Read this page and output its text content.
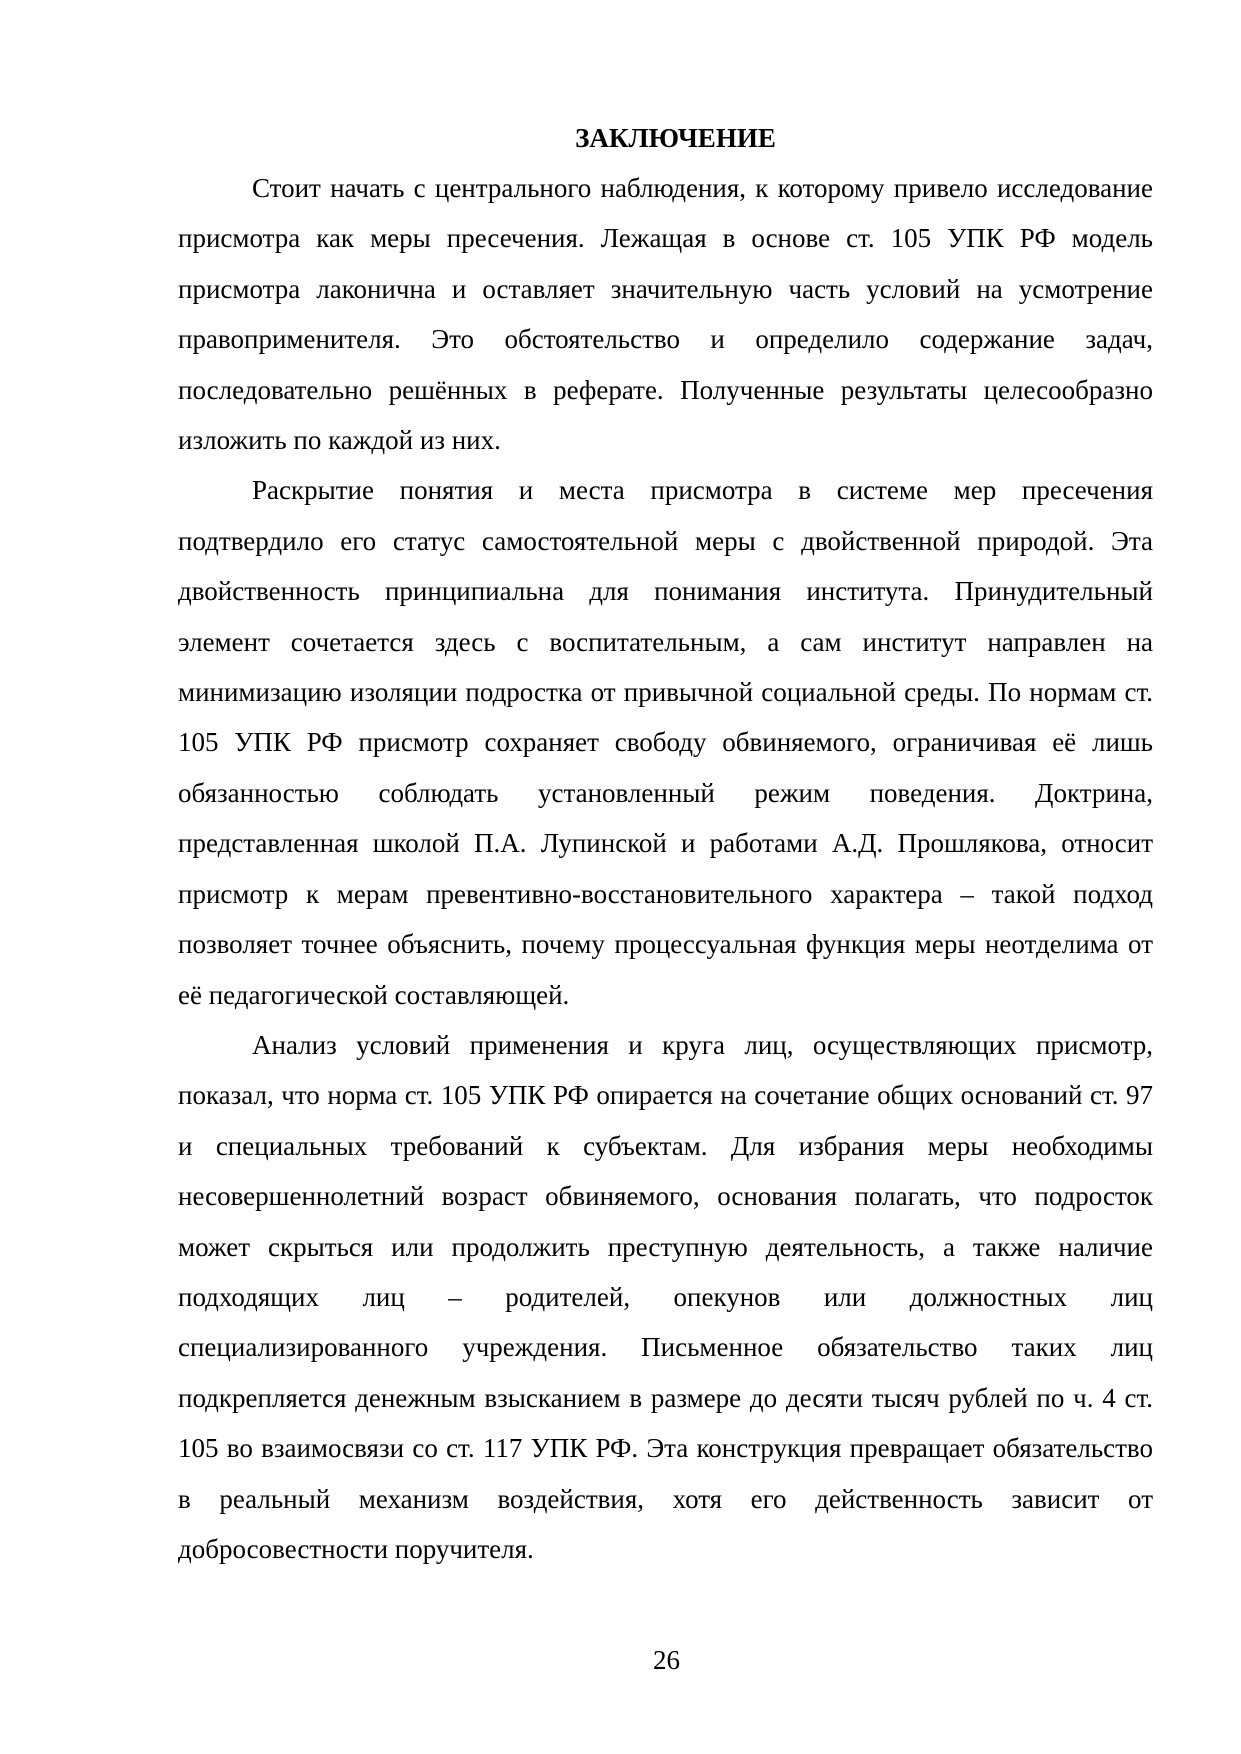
ЗАКЛЮЧЕНИЕ

Стоит начать с центрального наблюдения, к которому привело исследование присмотра как меры пресечения. Лежащая в основе ст. 105 УПК РФ модель присмотра лаконична и оставляет значительную часть условий на усмотрение правоприменителя. Это обстоятельство и определило содержание задач, последовательно решённых в реферате. Полученные результаты целесообразно изложить по каждой из них.

Раскрытие понятия и места присмотра в системе мер пресечения подтвердило его статус самостоятельной меры с двойственной природой. Эта двойственность принципиальна для понимания института. Принудительный элемент сочетается здесь с воспитательным, а сам институт направлен на минимизацию изоляции подростка от привычной социальной среды. По нормам ст. 105 УПК РФ присмотр сохраняет свободу обвиняемого, ограничивая её лишь обязанностью соблюдать установленный режим поведения. Доктрина, представленная школой П.А. Лупинской и работами А.Д. Прошлякова, относит присмотр к мерам превентивно-восстановительного характера – такой подход позволяет точнее объяснить, почему процессуальная функция меры неотделима от её педагогической составляющей.

Анализ условий применения и круга лиц, осуществляющих присмотр, показал, что норма ст. 105 УПК РФ опирается на сочетание общих оснований ст. 97 и специальных требований к субъектам. Для избрания меры необходимы несовершеннолетний возраст обвиняемого, основания полагать, что подросток может скрыться или продолжить преступную деятельность, а также наличие подходящих лиц – родителей, опекунов или должностных лиц специализированного учреждения. Письменное обязательство таких лиц подкрепляется денежным взысканием в размере до десяти тысяч рублей по ч. 4 ст. 105 во взаимосвязи со ст. 117 УПК РФ. Эта конструкция превращает обязательство в реальный механизм воздействия, хотя его действенность зависит от добросовестности поручителя.

26
